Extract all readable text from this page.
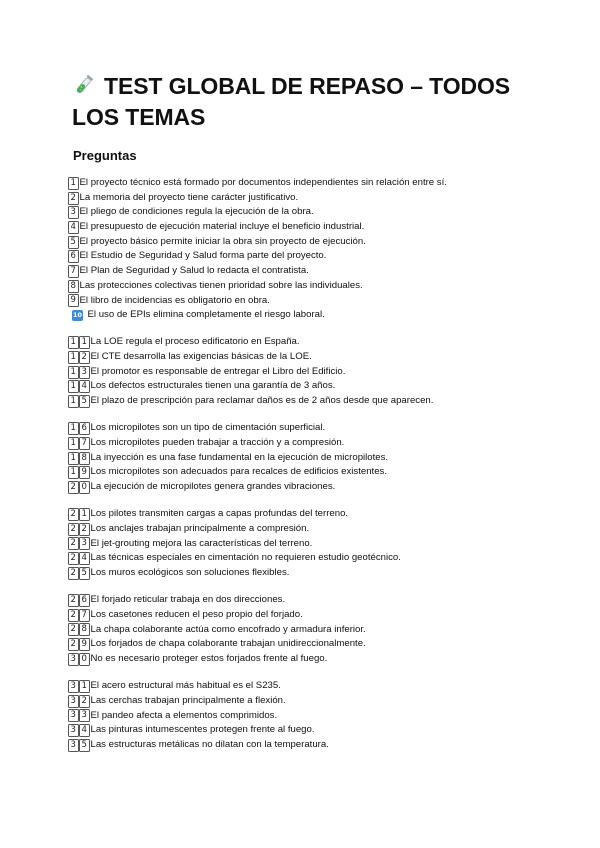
TEST GLOBAL DE REPASO – TODOS LOS TEMAS
Preguntas
1 El proyecto técnico está formado por documentos independientes sin relación entre sí.
2 La memoria del proyecto tiene carácter justificativo.
3 El pliego de condiciones regula la ejecución de la obra.
4 El presupuesto de ejecución material incluye el beneficio industrial.
5 El proyecto básico permite iniciar la obra sin proyecto de ejecución.
6 El Estudio de Seguridad y Salud forma parte del proyecto.
7 El Plan de Seguridad y Salud lo redacta el contratista.
8 Las protecciones colectivas tienen prioridad sobre las individuales.
9 El libro de incidencias es obligatorio en obra.
10 El uso de EPIs elimina completamente el riesgo laboral.
1 1 La LOE regula el proceso edificatorio en España.
1 2 El CTE desarrolla las exigencias básicas de la LOE.
1 3 El promotor es responsable de entregar el Libro del Edificio.
1 4 Los defectos estructurales tienen una garantía de 3 años.
1 5 El plazo de prescripción para reclamar daños es de 2 años desde que aparecen.
1 6 Los micropilotes son un tipo de cimentación superficial.
1 7 Los micropilotes pueden trabajar a tracción y a compresión.
1 8 La inyección es una fase fundamental en la ejecución de micropilotes.
1 9 Los micropilotes son adecuados para recalces de edificios existentes.
2 0 La ejecución de micropilotes genera grandes vibraciones.
2 1 Los pilotes transmiten cargas a capas profundas del terreno.
2 2 Los anclajes trabajan principalmente a compresión.
2 3 El jet-grouting mejora las características del terreno.
2 4 Las técnicas especiales en cimentación no requieren estudio geotécnico.
2 5 Los muros ecológicos son soluciones flexibles.
2 6 El forjado reticular trabaja en dos direcciones.
2 7 Los casetones reducen el peso propio del forjado.
2 8 La chapa colaborante actúa como encofrado y armadura inferior.
2 9 Los forjados de chapa colaborante trabajan unidireccionalmente.
3 0 No es necesario proteger estos forjados frente al fuego.
3 1 El acero estructural más habitual es el S235.
3 2 Las cerchas trabajan principalmente a flexión.
3 3 El pandeo afecta a elementos comprimidos.
3 4 Las pinturas intumescentes protegen frente al fuego.
3 5 Las estructuras metálicas no dilatan con la temperatura.
